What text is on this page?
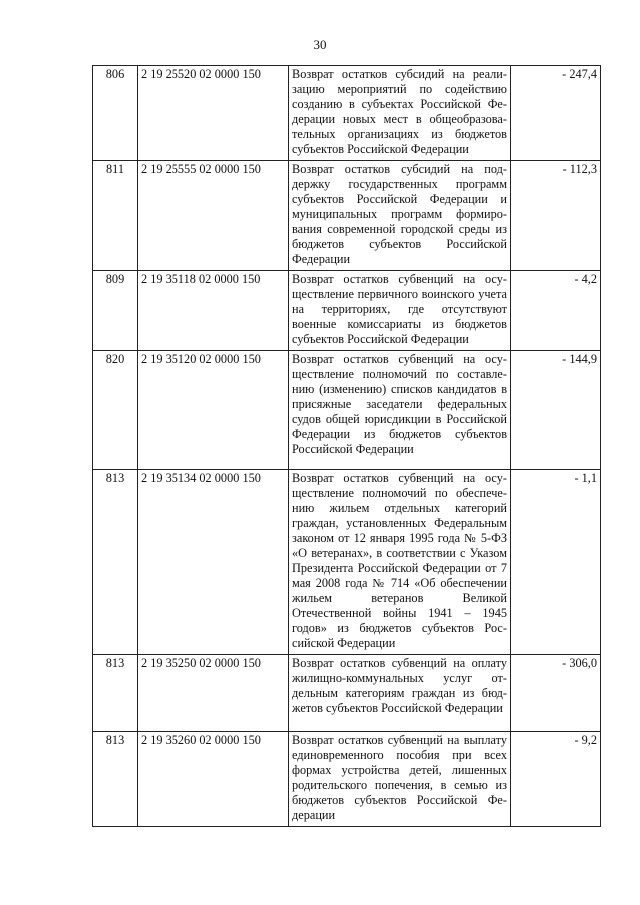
30
806	2 19 25520 02 0000 150	Возврат остатков субсидий на реализацию мероприятий по содействию созданию в субъектах Российской Федерации новых мест в общеобразовательных организациях из бюджетов субъектов Российской Федерации	- 247,4
811	2 19 25555 02 0000 150	Возврат остатков субсидий на поддержку государственных программ субъектов Российской Федерации и муниципальных программ формирования современной городской среды из бюджетов субъектов Российской Федерации	- 112,3
809	2 19 35118 02 0000 150	Возврат остатков субвенций на осуществление первичного воинского учета на территориях, где отсутствуют военные комиссариаты из бюджетов субъектов Российской Федерации	- 4,2
820	2 19 35120 02 0000 150	Возврат остатков субвенций на осуществление полномочий по составлению (изменению) списков кандидатов в присяжные заседатели федеральных судов общей юрисдикции в Российской Федерации из бюджетов субъектов Российской Федерации	- 144,9
813	2 19 35134 02 0000 150	Возврат остатков субвенций на осуществление полномочий по обеспечению жильем отдельных категорий граждан, установленных Федеральным законом от 12 января 1995 года № 5-ФЗ «О ветеранах», в соответствии с Указом Президента Российской Федерации от 7 мая 2008 года № 714 «Об обеспечении жильем ветеранов Великой Отечественной войны 1941 – 1945 годов» из бюджетов субъектов Российской Федерации	- 1,1
813	2 19 35250 02 0000 150	Возврат остатков субвенций на оплату жилищно-коммунальных услуг отдельным категориям граждан из бюджетов субъектов Российской Федерации	- 306,0
813	2 19 35260 02 0000 150	Возврат остатков субвенций на выплату единовременного пособия при всех формах устройства детей, лишенных родительского попечения, в семью из бюджетов субъектов Российской Федерации	- 9,2
